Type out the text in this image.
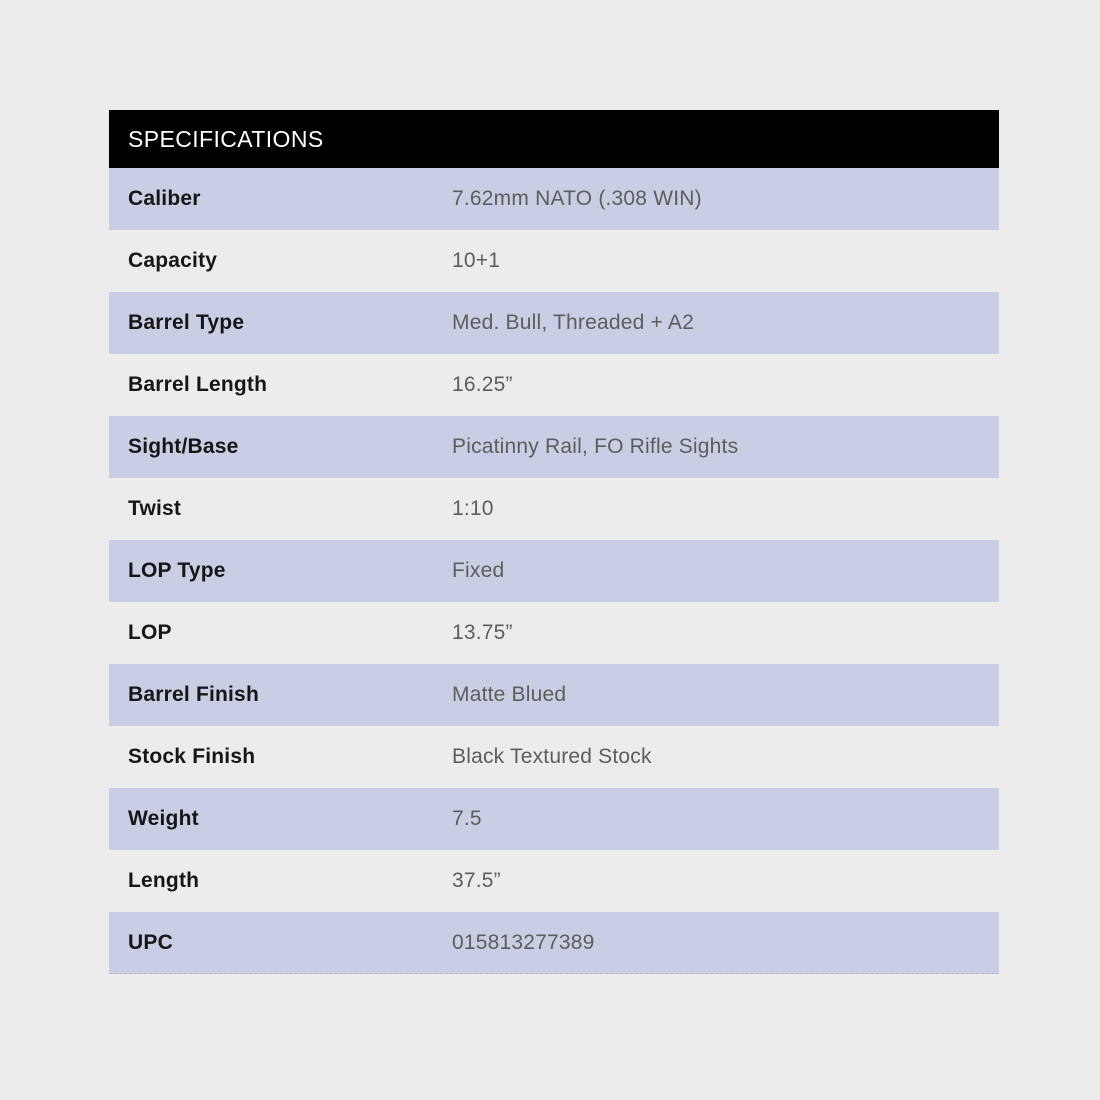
SPECIFICATIONS
Caliber	7.62mm NATO (.308 WIN)
Capacity	10+1
Barrel Type	Med. Bull, Threaded + A2
Barrel Length	16.25”
Sight/Base	Picatinny Rail, FO Rifle Sights
Twist	1:10
LOP Type	Fixed
LOP	13.75”
Barrel Finish	Matte Blued
Stock Finish	Black Textured Stock
Weight	7.5
Length	37.5”
UPC	015813277389
